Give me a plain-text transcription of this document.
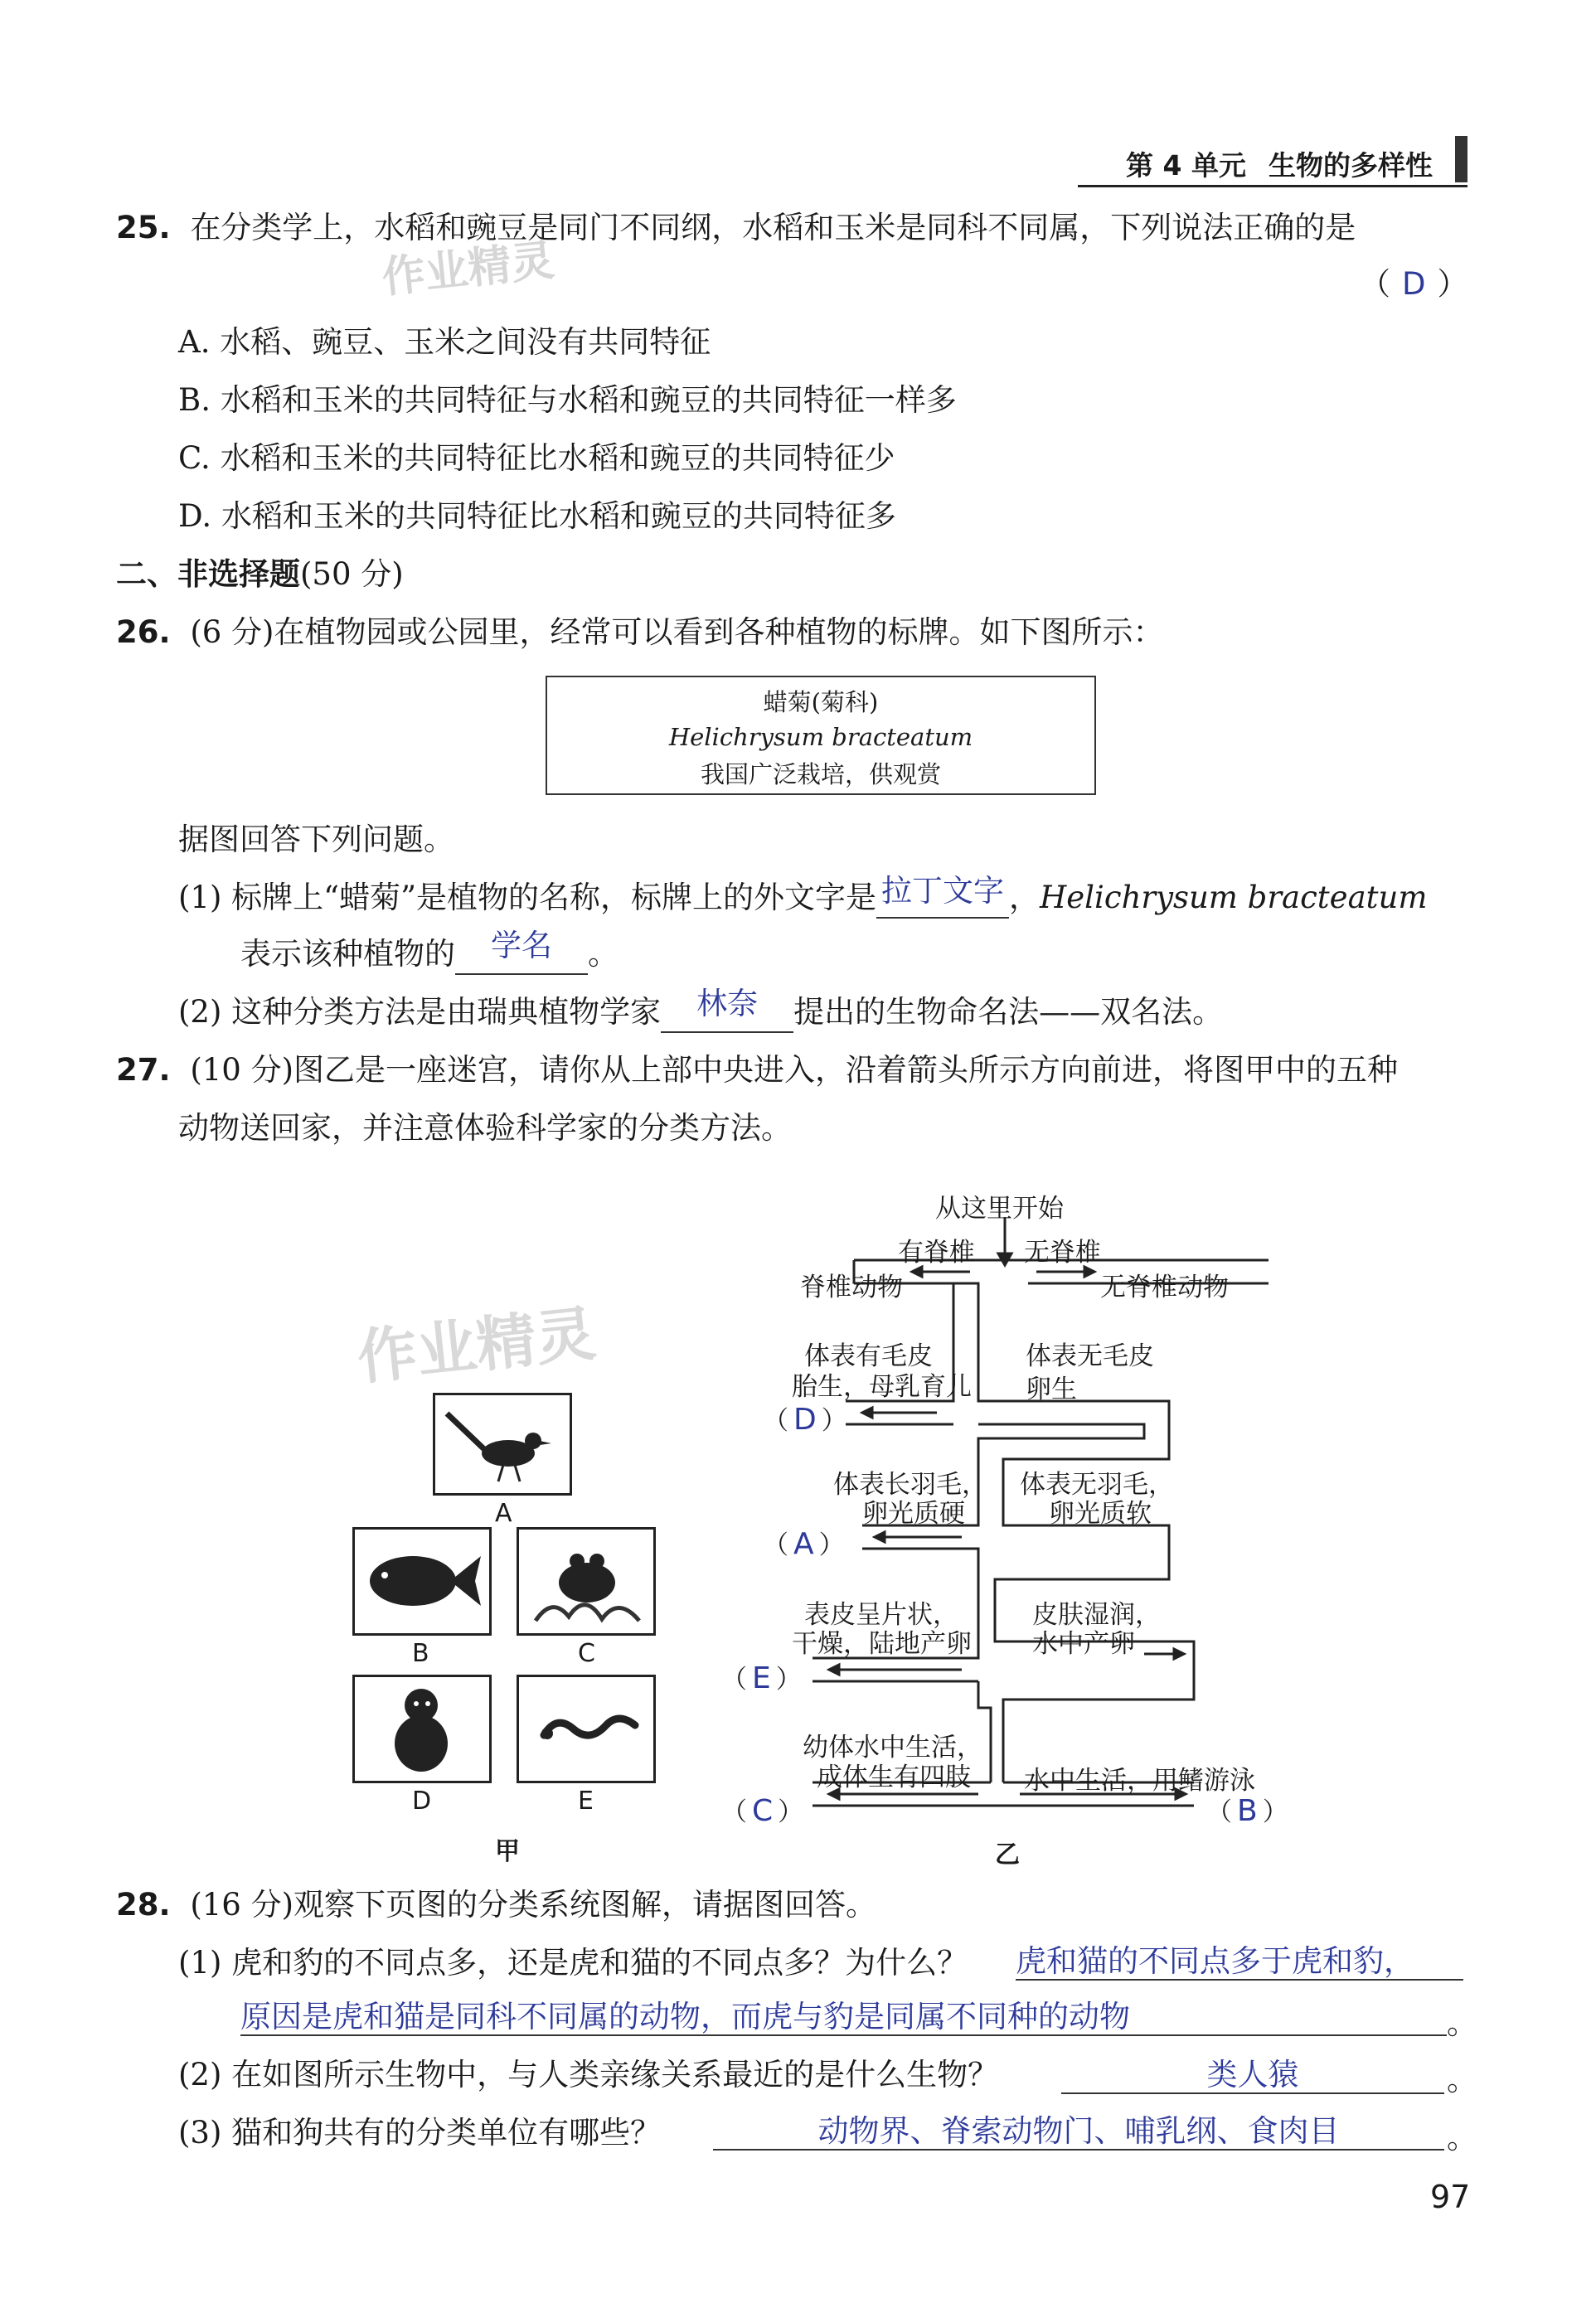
第 4 单元 生物的多样性
作业精灵
作业精灵
25. 在分类学上，水稻和豌豆是同门不同纲，水稻和玉米是同科不同属，下列说法正确的是
（ D ）
A. 水稻、豌豆、玉米之间没有共同特征
B. 水稻和玉米的共同特征与水稻和豌豆的共同特征一样多
C. 水稻和玉米的共同特征比水稻和豌豆的共同特征少
D. 水稻和玉米的共同特征比水稻和豌豆的共同特征多
二、非选择题(50 分)
26. (6 分)在植物园或公园里，经常可以看到各种植物的标牌。如下图所示：
蜡菊(菊科)
Helichrysum bracteatum
我国广泛栽培，供观赏
据图回答下列问题。
(1) 标牌上“蜡菊”是植物的名称，标牌上的外文字是 拉丁文字 ，Helichrysum bracteatum
表示该种植物的 学名 。
(2) 这种分类方法是由瑞典植物学家 林奈 提出的生物命名法——双名法。
27. (10 分)图乙是一座迷宫，请你从上部中央进入，沿着箭头所示方向前进，将图甲中的五种
动物送回家，并注意体验科学家的分类方法。
A
B	C
D	E
甲
从这里开始
有脊椎 无脊椎
脊椎动物	无脊椎动物
体表有毛皮
胎生，母乳育儿
体表无毛皮
卵生
（ D ）
体表长羽毛，
卵光质硬
体表无羽毛，
卵光质软
（ A ）
表皮呈片状，
干燥，陆地产卵
皮肤湿润，
水中产卵
（ E ）
幼体水中生活，
成体生有四肢 水中生活，用鳍游泳
（ C ）	（ B ）
乙
28. (16 分)观察下页图的分类系统图解，请据图回答。
(1) 虎和豹的不同点多，还是虎和猫的不同点多？为什么？ 虎和猫的不同点多于虎和豹，
原因是虎和猫是同科不同属的动物，而虎与豹是同属不同种的动物	。
(2) 在如图所示生物中，与人类亲缘关系最近的是什么生物？	类人猿	。
(3) 猫和狗共有的分类单位有哪些？	动物界、脊索动物门、哺乳纲、食肉目	。
97
